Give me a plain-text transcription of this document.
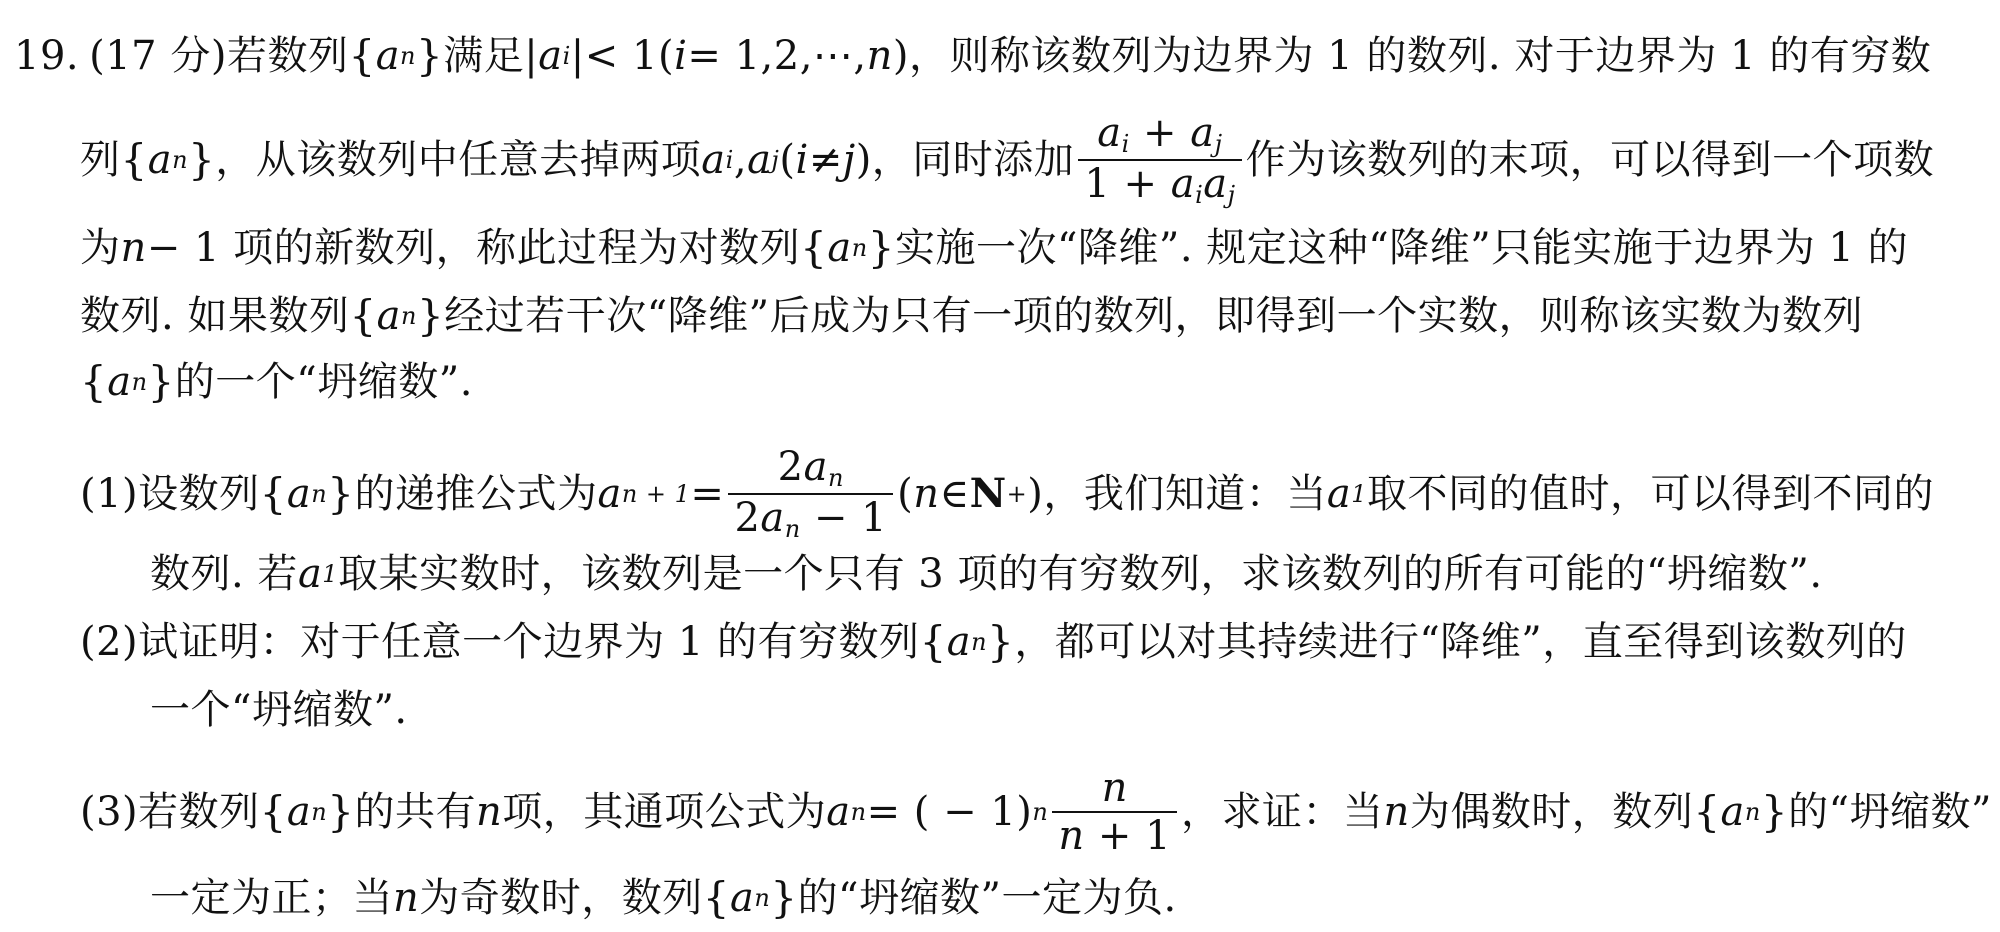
19. (17 分) 若数列 { a n } 满足 | a i | < 1( i = 1,2,⋯, n )，则称该数列为边界为 1 的数列. 对于边界为 1 的有穷数
列 { a n } ，从该数列中任意去掉两项 a i , a j ( i ≠ j )，同时添加 $\frac{a_i + a_j}{1 + a_ia_j}$ 作为该数列的末项，可以得到一个项数
为 n − 1 项的新数列，称此过程为对数列 { a n } 实施一次“降维”. 规定这种“降维”只能实施于边界为 1 的
数列. 如果数列 { a n } 经过若干次“降维”后成为只有一项的数列，即得到一个实数，则称该实数为数列
{ a n } 的一个“坍缩数”.
(1) 设数列 { a n } 的递推公式为 a $n + 1 = \frac{2a_n}{2a_n - 1}$ ( n ∈ N + )，我们知道：当 a 1 取不同的值时，可以得到不同的
数列. 若 a 1 取某实数时，该数列是一个只有 3 项的有穷数列，求该数列的所有可能的“坍缩数”.
(2) 试证明：对于任意一个边界为 1 的有穷数列 { a n } ，都可以对其持续进行“降维”，直至得到该数列的
一个“坍缩数”.
(3) 若数列 { a n } 的共有 n 项，其通项公式为 a n = ( − 1) n $\frac{n}{n + 1}$ ，求证：当 n 为偶数时，数列 { a n } 的“坍缩数”
一定为正；当 n 为奇数时，数列 { a n } 的“坍缩数”一定为负.
